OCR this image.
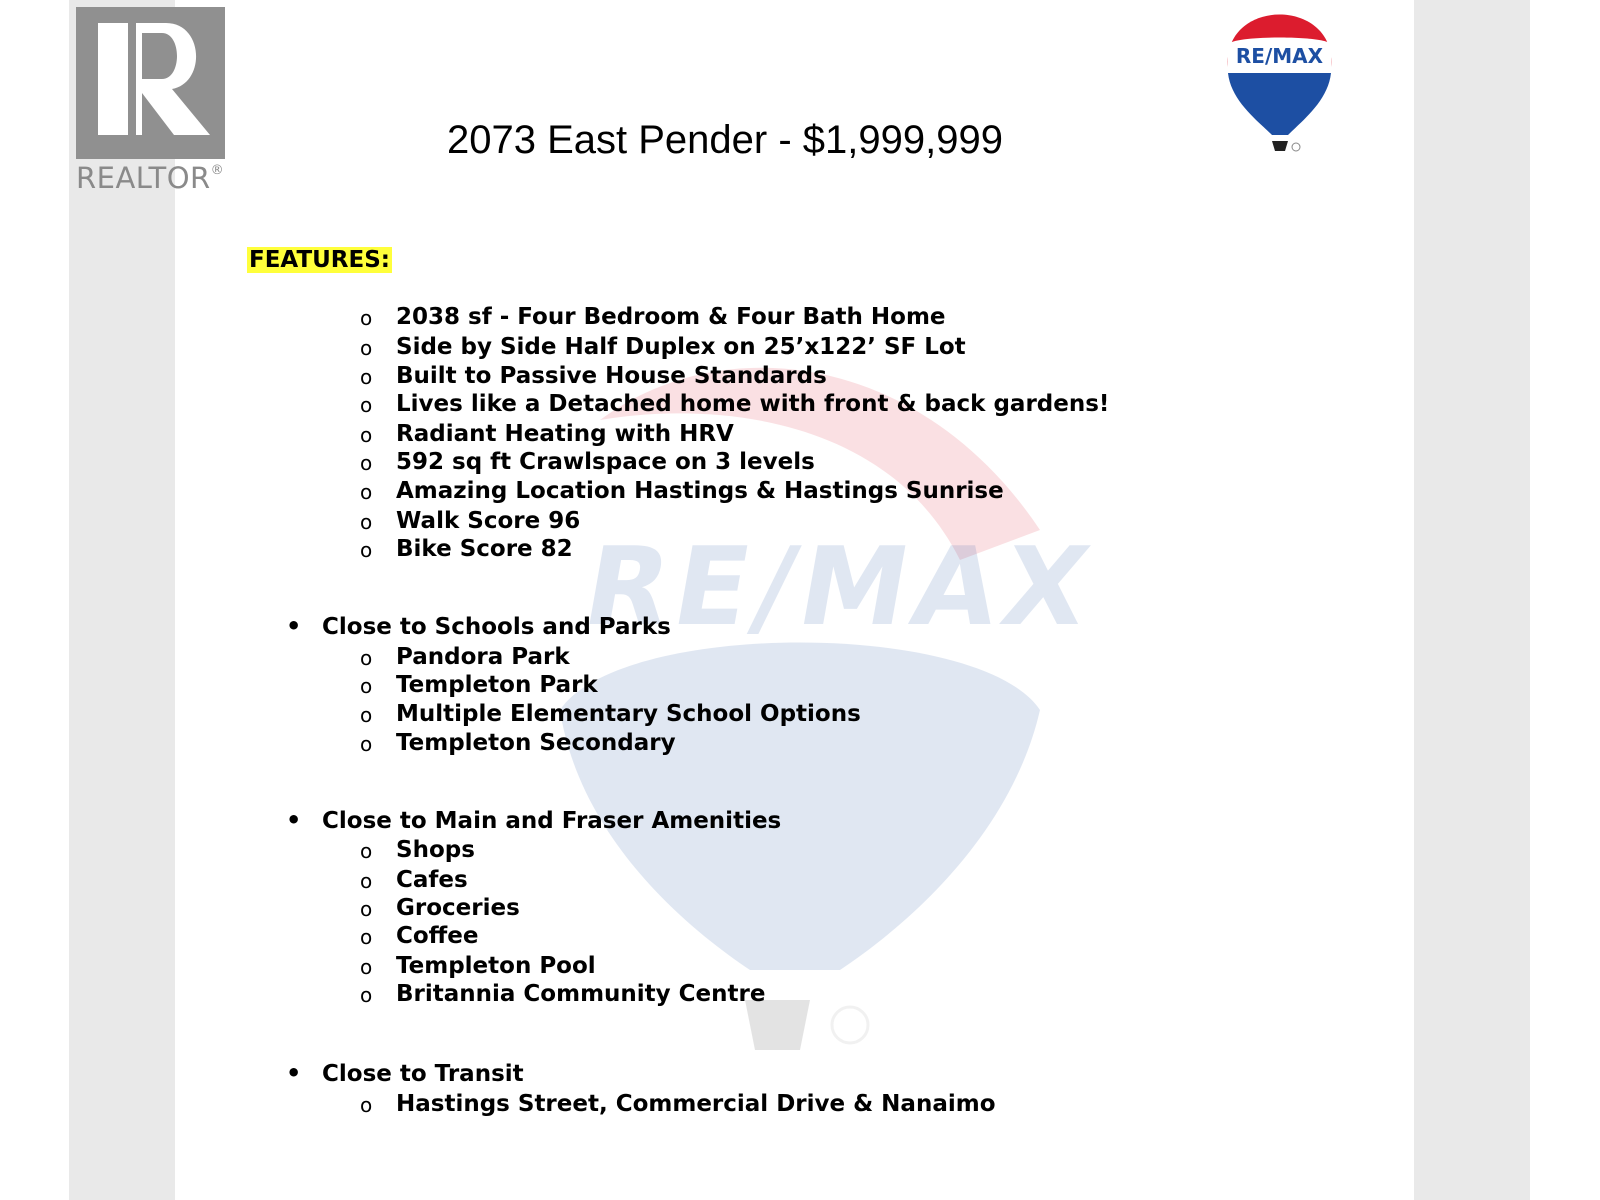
RE/MAX
REALTOR®
RE/MAX
2073 East Pender - $1,999,999
FEATURES:
o 2038 sf - Four Bedroom & Four Bath Home
o Side by Side Half Duplex on 25’x122’ SF Lot
o Built to Passive House Standards
o Lives like a Detached home with front & back gardens!
o Radiant Heating with HRV
o 592 sq ft Crawlspace on 3 levels
o Amazing Location Hastings & Hastings Sunrise
o Walk Score 96
o Bike Score 82
• Close to Schools and Parks
o Pandora Park
o Templeton Park
o Multiple Elementary School Options
o Templeton Secondary
• Close to Main and Fraser Amenities
o Shops
o Cafes
o Groceries
o Coffee
o Templeton Pool
o Britannia Community Centre
• Close to Transit
o Hastings Street, Commercial Drive & Nanaimo
